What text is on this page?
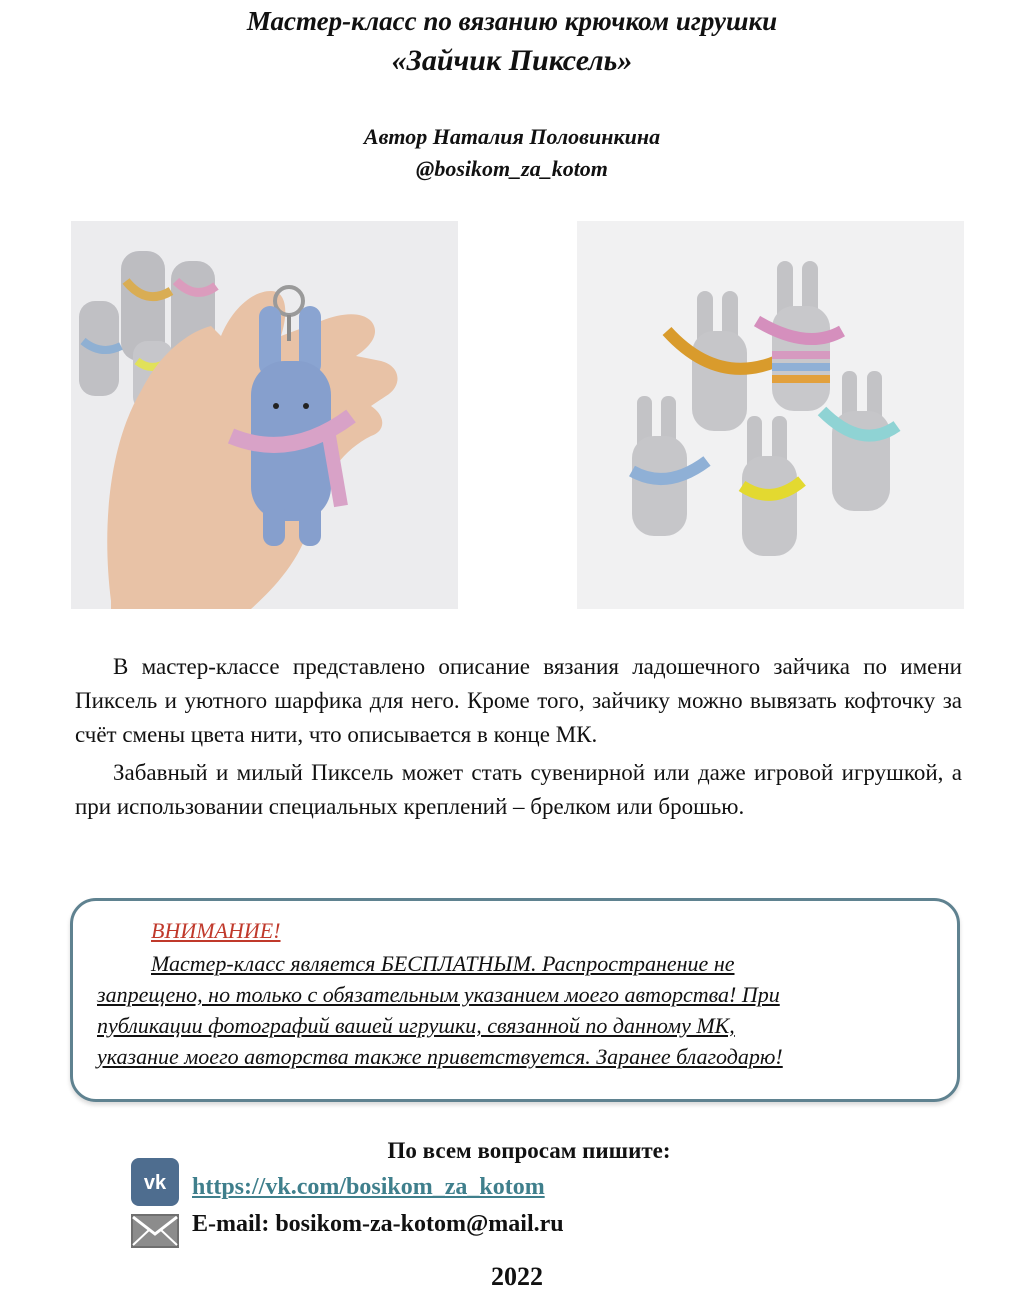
Мастер-класс по вязанию крючком игрушки
«Зайчик Пиксель»
Автор Наталия Половинкина
@bosikom_za_kotom
В мастер-классе представлено описание вязания ладошечного зайчика по имени Пиксель и уютного шарфика для него. Кроме того, зайчику можно вывязать кофточку за счёт смены цвета нити, что описывается в конце МК.
Забавный и милый Пиксель может стать сувенирной или даже игровой игрушкой, а при использовании специальных креплений – брелком или брошью.
ВНИМАНИЕ!
Мастер-класс является БЕСПЛАТНЫМ. Распространение не
запрещено, но только с обязательным указанием моего авторства! При
публикации фотографий вашей игрушки, связанной по данному МК,
указание моего авторства также приветствуется. Заранее благодарю!
По всем вопросам пишите:
vk https://vk.com/bosikom_za_kotom
E-mail: bosikom-za-kotom@mail.ru
2022
